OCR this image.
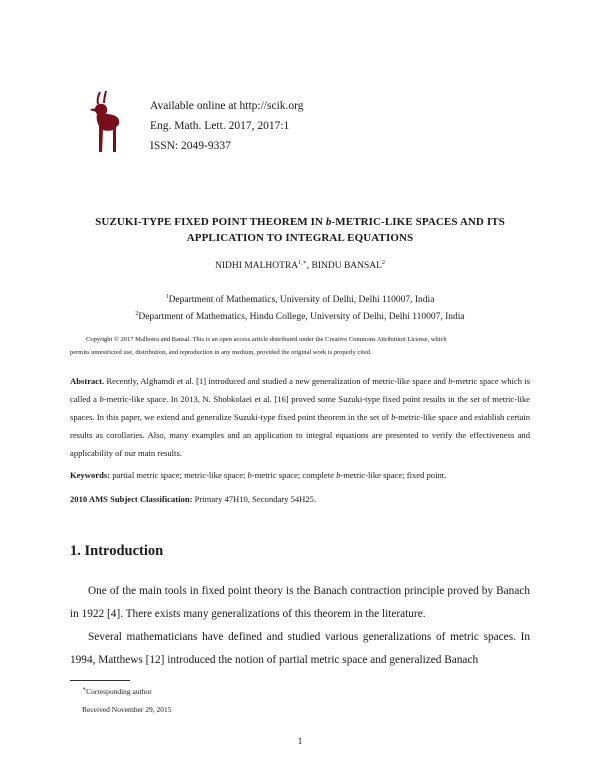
Available online at http://scik.org
Eng. Math. Lett. 2017, 2017:1
ISSN: 2049-9337
SUZUKI-TYPE FIXED POINT THEOREM IN b-METRIC-LIKE SPACES AND ITS
APPLICATION TO INTEGRAL EQUATIONS
NIDHI $MALHOTRA^{1,∗}$, BINDU BANSAL$^2$
$^1$Department of Mathematics, University of Delhi, Delhi 110007, India
$^2$Department of Mathematics, Hindu College, University of Delhi, Delhi 110007, India
Copyright © 2017 Malhotra and Bansal. This is an open access article distributed under the Creative Commons Attribution License, which
permits unrestricted use, distribution, and reproduction in any medium, provided the original work is properly cited.
Abstract. Recently, Alghamdi et al. [1] introduced and studied a new generalization of metric-like space and b-metric space which is called a b-metric-like space. In 2013, N. Shobkolaei et al. [16] proved some Suzuki-type fixed point results in the set of metric-like spaces. In this paper, we extend and generalize Suzuki-type fixed point theorem in the set of b-metric-like space and establish certain results as corollaries. Also, many examples and an application to integral equations are presented to verify the effectiveness and applicability of our main results.
Keywords: partial metric space; metric-like space; b-metric space; complete b-metric-like space; fixed point.
2010 AMS Subject Classification: Primary 47H10, Secondary 54H25.
1. Introduction

One of the main tools in fixed point theory is the Banach contraction principle proved by Banach in 1922 [4]. There exists many generalizations of this theorem in the literature.

Several mathematicians have defined and studied various generalizations of metric spaces. In 1994, Matthews [12] introduced the notion of partial metric space and generalized Banach

∗Corresponding author
Received November 29, 2015
1
